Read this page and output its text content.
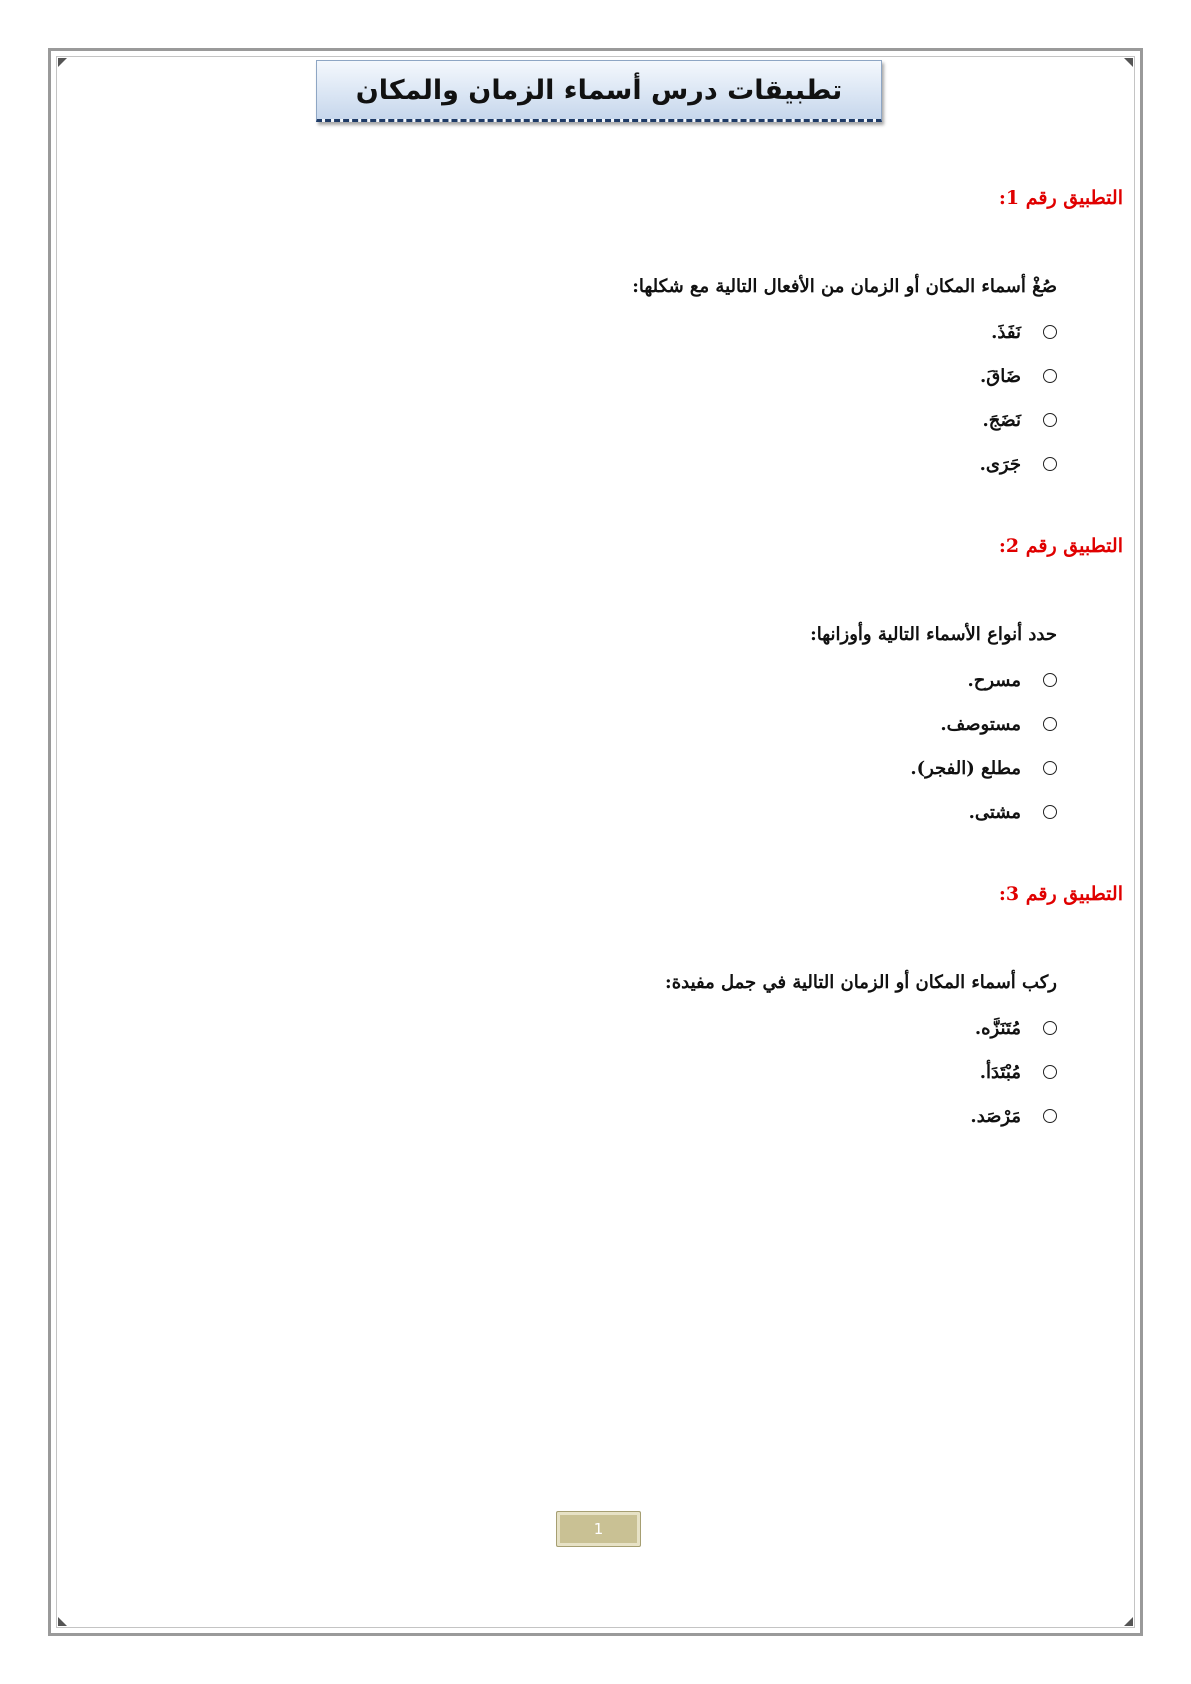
تطبيقات درس أسماء الزمان والمكان
التطبيق رقم 1:

صُغْ أسماء المكان أو الزمان من الأفعال التالية مع شكلها:

نَفَذَ.
ضَاقَ.
نَضَجَ.
جَرَى.
التطبيق رقم 2:

حدد أنواع الأسماء التالية وأوزانها:

مسرح.
مستوصف.
مطلع (الفجر).
مشتى.
التطبيق رقم 3:

ركب أسماء المكان أو الزمان التالية في جمل مفيدة:

مُتَنَزَّه.
مُبْتَدَأ.
مَرْصَد.
1
